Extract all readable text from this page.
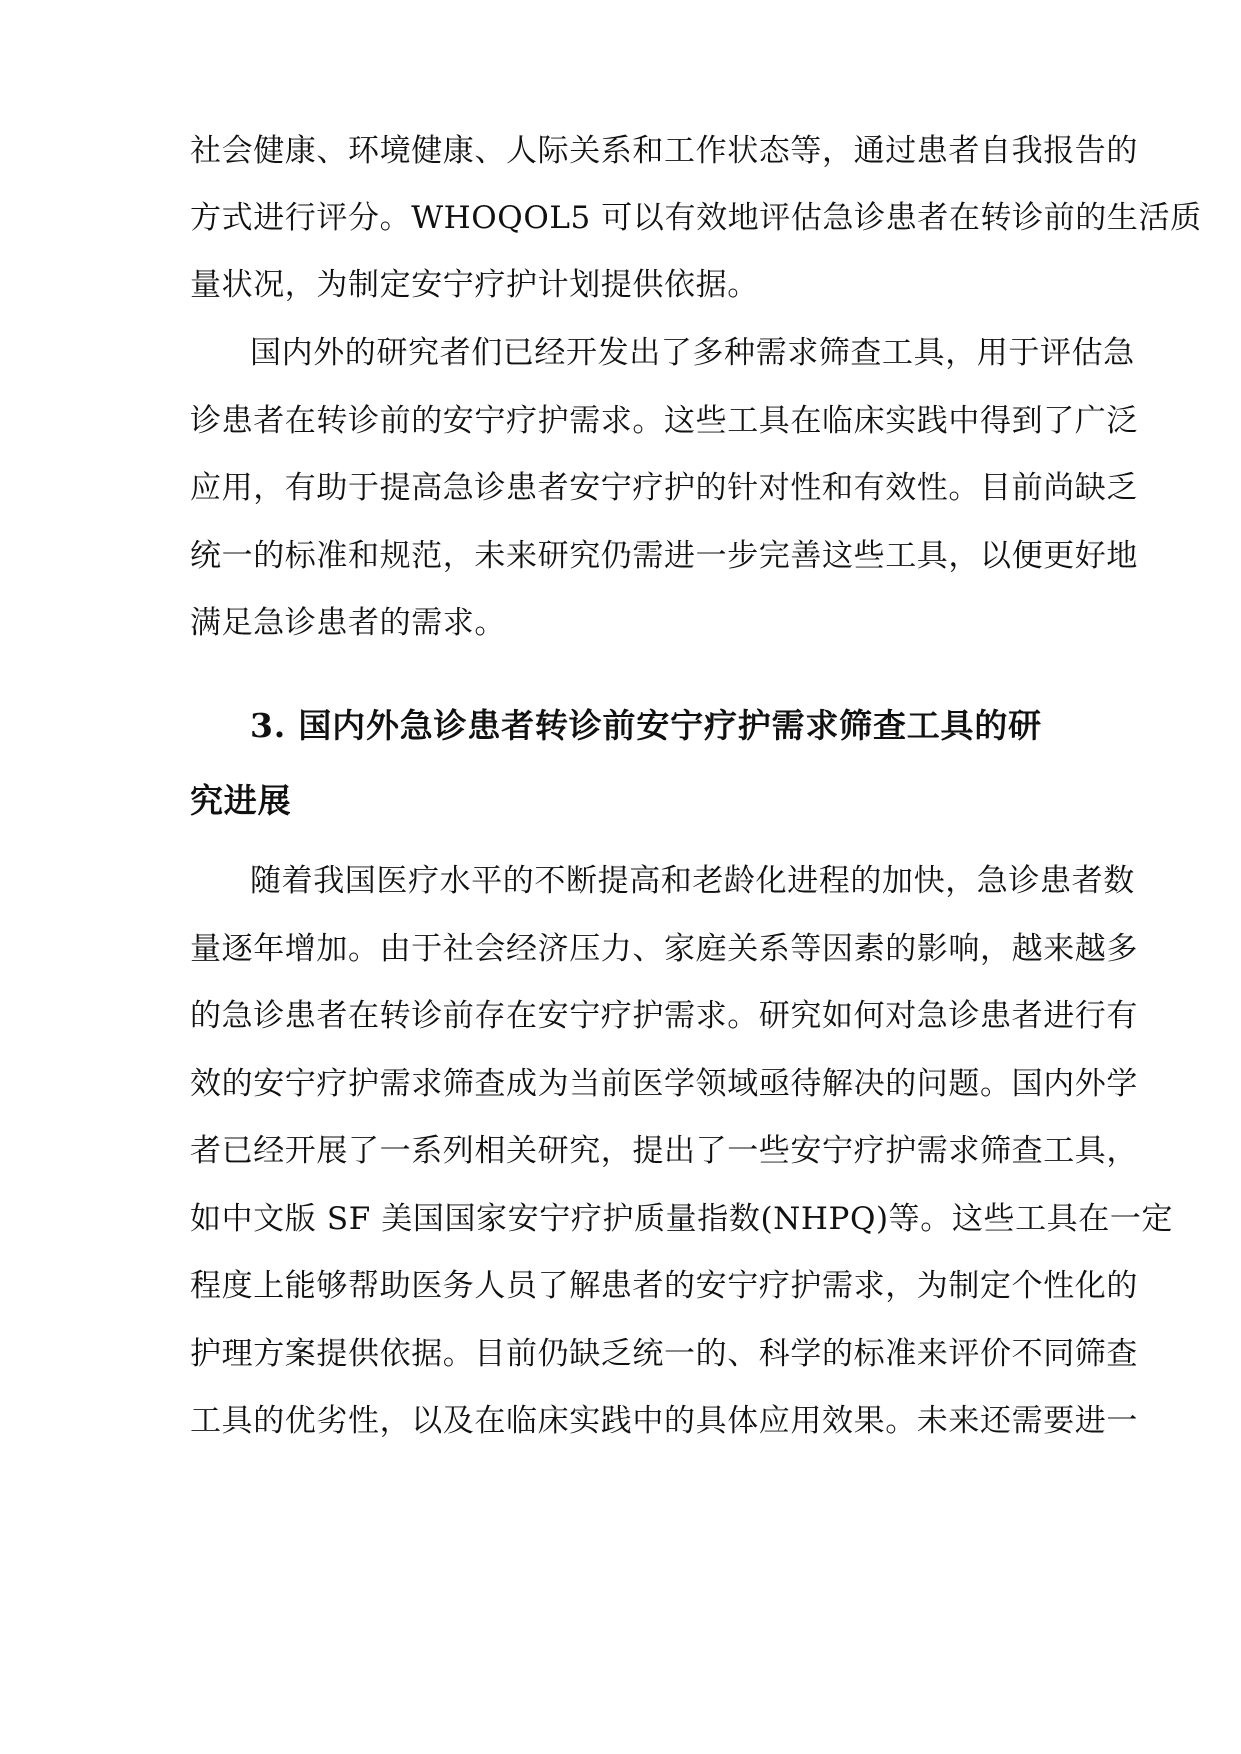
社会健康、环境健康、人际关系和工作状态等，通过患者自我报告的
方式进行评分。WHOQOL5 可以有效地评估急诊患者在转诊前的生活质
量状况，为制定安宁疗护计划提供依据。
国内外的研究者们已经开发出了多种需求筛查工具，用于评估急
诊患者在转诊前的安宁疗护需求。这些工具在临床实践中得到了广泛
应用，有助于提高急诊患者安宁疗护的针对性和有效性。目前尚缺乏
统一的标准和规范，未来研究仍需进一步完善这些工具，以便更好地
满足急诊患者的需求。
3. 国内外急诊患者转诊前安宁疗护需求筛查工具的研
究进展
随着我国医疗水平的不断提高和老龄化进程的加快，急诊患者数
量逐年增加。由于社会经济压力、家庭关系等因素的影响，越来越多
的急诊患者在转诊前存在安宁疗护需求。研究如何对急诊患者进行有
效的安宁疗护需求筛查成为当前医学领域亟待解决的问题。国内外学
者已经开展了一系列相关研究，提出了一些安宁疗护需求筛查工具，
如中文版 SF 美国国家安宁疗护质量指数(NHPQ)等。这些工具在一定
程度上能够帮助医务人员了解患者的安宁疗护需求，为制定个性化的
护理方案提供依据。目前仍缺乏统一的、科学的标准来评价不同筛查
工具的优劣性，以及在临床实践中的具体应用效果。未来还需要进一
